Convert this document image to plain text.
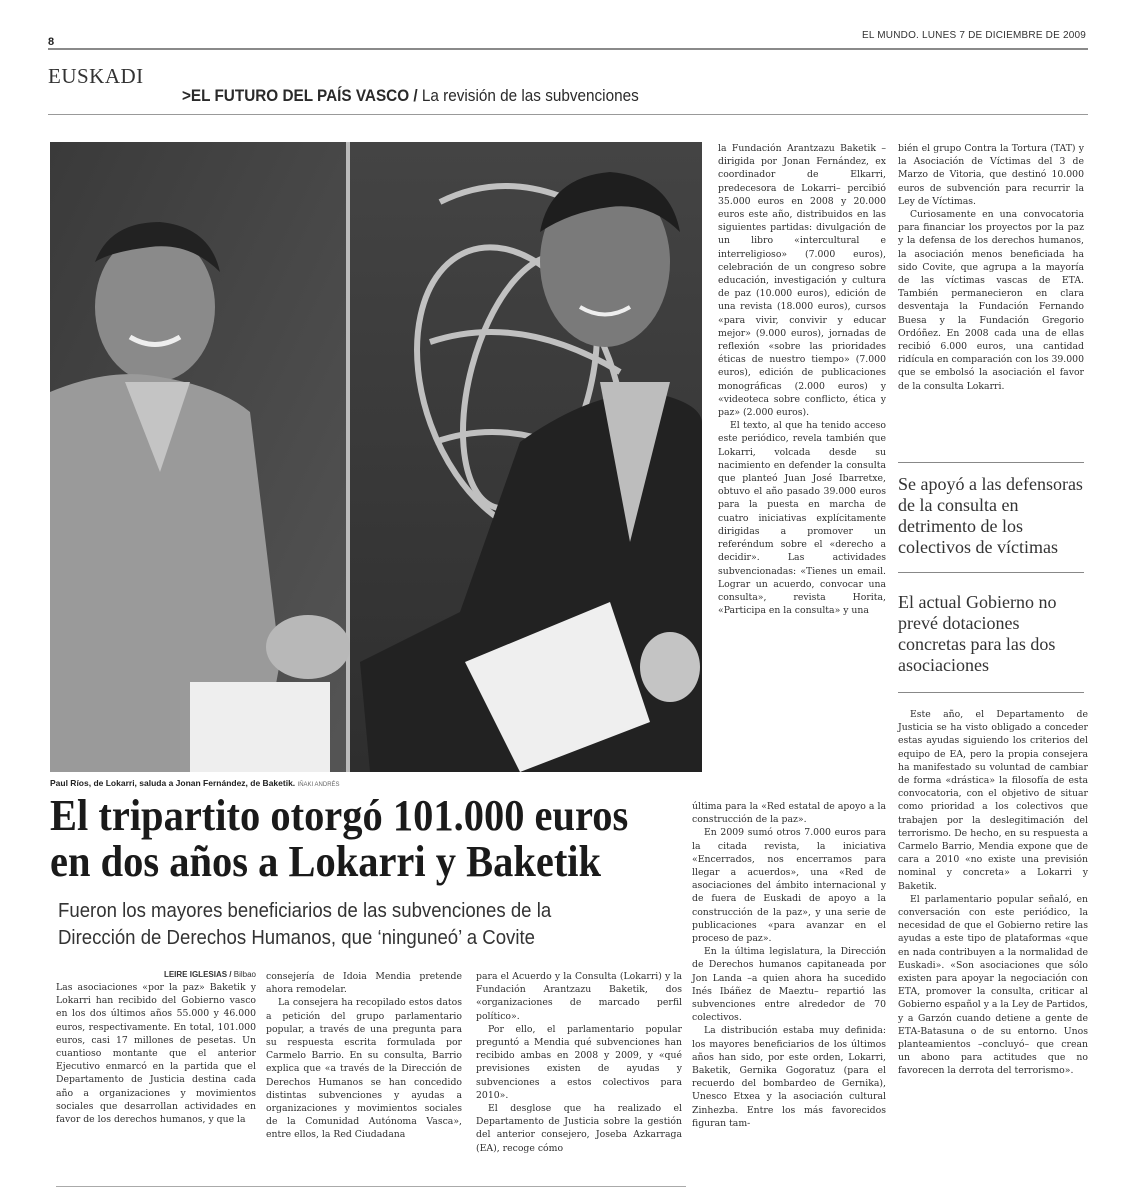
8
EL MUNDO. LUNES 7 DE DICIEMBRE DE 2009
EUSKADI
>EL FUTURO DEL PAÍS VASCO / La revisión de las subvenciones
Paul Ríos, de Lokarri, saluda a Jonan Fernández, de Baketik. IÑAKI ANDRÉS
El tripartito otorgó 101.000 euros
en dos años a Lokarri y Baketik
Fueron los mayores beneficiarios de las subvenciones de la
Dirección de Derechos Humanos, que ‘ninguneó’ a Covite
LEIRE IGLESIAS / Bilbao

Las asociaciones «por la paz» Baketik y Lokarri han recibido del Gobierno vasco en los dos últimos años 55.000 y 46.000 euros, respectivamente. En total, 101.000 euros, casi 17 millones de pesetas. Un cuantioso montante que el anterior Ejecutivo enmarcó en la partida que el Departamento de Justicia destina cada año a organizaciones y movimientos sociales que desarrollan actividades en favor de los derechos humanos, y que la

consejería de Idoia Mendia pretende ahora remodelar.

La consejera ha recopilado estos datos a petición del grupo parlamentario popular, a través de una pregunta para su respuesta escrita formulada por Carmelo Barrio. En su consulta, Barrio explica que «a través de la Dirección de Derechos Humanos se han concedido distintas subvenciones y ayudas a organizaciones y movimientos sociales de la Comunidad Autónoma Vasca», entre ellos, la Red Ciudadana

para el Acuerdo y la Consulta (Lokarri) y la Fundación Arantzazu Baketik, dos «organizaciones de marcado perfil político».

Por ello, el parlamentario popular preguntó a Mendia qué subvenciones han recibido ambas en 2008 y 2009, y «qué previsiones existen de ayudas y subvenciones a estos colectivos para 2010».

El desglose que ha realizado el Departamento de Justicia sobre la gestión del anterior consejero, Joseba Azkarraga (EA), recoge cómo

la Fundación Arantzazu Baketik –dirigida por Jonan Fernández, ex coordinador de Elkarri, predecesora de Lokarri– percibió 35.000 euros en 2008 y 20.000 euros este año, distribuidos en las siguientes partidas: divulgación de un libro «intercultural e interreligioso» (7.000 euros), celebración de un congreso sobre educación, investigación y cultura de paz (10.000 euros), edición de una revista (18.000 euros), cursos «para vivir, convivir y educar mejor» (9.000 euros), jornadas de reflexión «sobre las prioridades éticas de nuestro tiempo» (7.000 euros), edición de publicaciones monográficas (2.000 euros) y «videoteca sobre conflicto, ética y paz» (2.000 euros).

El texto, al que ha tenido acceso este periódico, revela también que Lokarri, volcada desde su nacimiento en defender la consulta que planteó Juan José Ibarretxe, obtuvo el año pasado 39.000 euros para la puesta en marcha de cuatro iniciativas explícitamente dirigidas a promover un referéndum sobre el «derecho a decidir». Las actividades subvencionadas: «Tienes un email. Lograr un acuerdo, convocar una consulta», revista Horita, «Participa en la consulta» y una

última para la «Red estatal de apoyo a la construcción de la paz».

En 2009 sumó otros 7.000 euros para la citada revista, la iniciativa «Encerrados, nos encerramos para llegar a acuerdos», una «Red de asociaciones del ámbito internacional y de fuera de Euskadi de apoyo a la construcción de la paz», y una serie de publicaciones «para avanzar en el proceso de paz».

En la última legislatura, la Dirección de Derechos humanos capitaneada por Jon Landa –a quien ahora ha sucedido Inés Ibáñez de Maeztu– repartió las subvenciones entre alrededor de 70 colectivos.

La distribución estaba muy definida: los mayores beneficiarios de los últimos años han sido, por este orden, Lokarri, Baketik, Gernika Gogoratuz (para el recuerdo del bombardeo de Gernika), Unesco Etxea y la asociación cultural Zinhezba. Entre los más favorecidos figuran tam-

bién el grupo Contra la Tortura (TAT) y la Asociación de Víctimas del 3 de Marzo de Vitoria, que destinó 10.000 euros de subvención para recurrir la Ley de Víctimas.

Curiosamente en una convocatoria para financiar los proyectos por la paz y la defensa de los derechos humanos, la asociación menos beneficiada ha sido Covite, que agrupa a la mayoría de las víctimas vascas de ETA. También permanecieron en clara desventaja la Fundación Fernando Buesa y la Fundación Gregorio Ordóñez. En 2008 cada una de ellas recibió 6.000 euros, una cantidad ridícula en comparación con los 39.000 que se embolsó la asociación el favor de la consulta Lokarri.

Se apoyó a las defensoras de la consulta en detrimento de los colectivos de víctimas
El actual Gobierno no prevé dotaciones concretas para las dos asociaciones

Este año, el Departamento de Justicia se ha visto obligado a conceder estas ayudas siguiendo los criterios del equipo de EA, pero la propia consejera ha manifestado su voluntad de cambiar de forma «drástica» la filosofía de esta convocatoria, con el objetivo de situar como prioridad a los colectivos que trabajen por la deslegitimación del terrorismo. De hecho, en su respuesta a Carmelo Barrio, Mendia expone que de cara a 2010 «no existe una previsión nominal y concreta» a Lokarri y Baketik.

El parlamentario popular señaló, en conversación con este periódico, la necesidad de que el Gobierno retire las ayudas a este tipo de plataformas «que en nada contribuyen a la normalidad de Euskadi». «Son asociaciones que sólo existen para apoyar la negociación con ETA, promover la consulta, criticar al Gobierno español y a la Ley de Partidos, y a Garzón cuando detiene a gente de ETA-Batasuna o de su entorno. Unos planteamientos –concluyó– que crean un abono para actitudes que no favorecen la derrota del terrorismo».
